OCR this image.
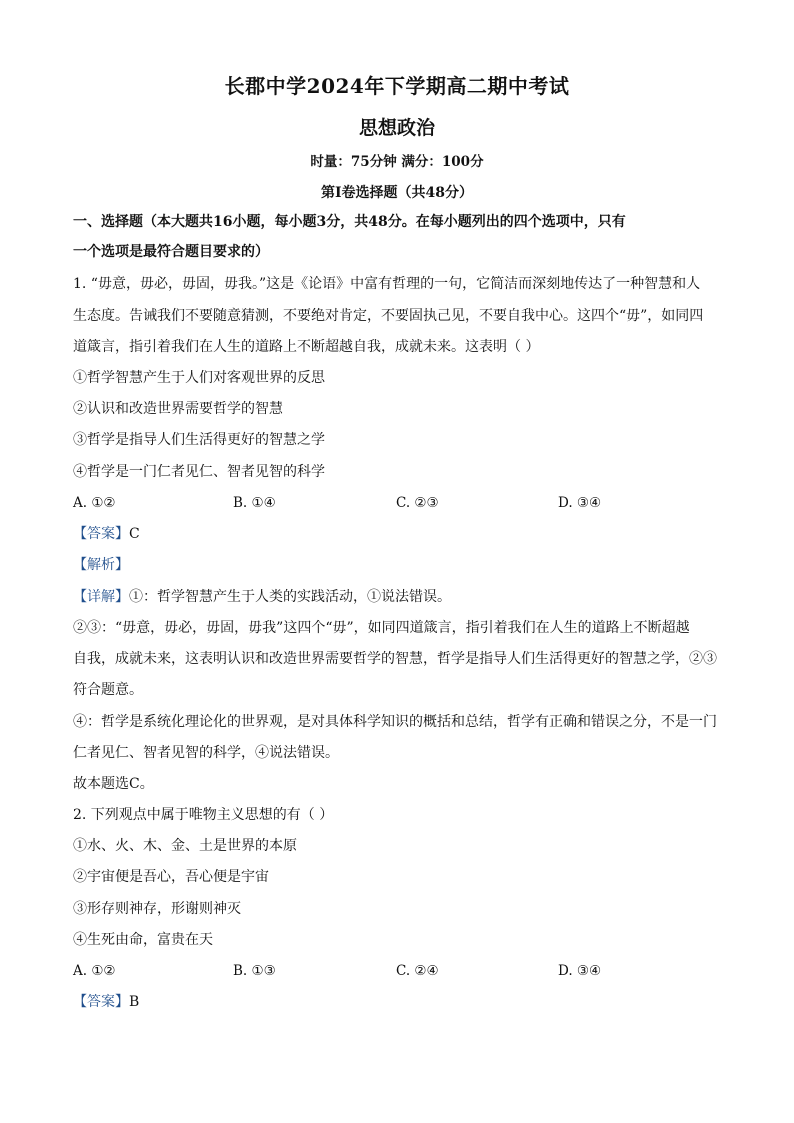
长郡中学2024年下学期高二期中考试
思想政治
时量：75分钟 满分：100分
第Ⅰ卷选择题（共48分）
一、选择题（本大题共16小题，每小题3分，共48分。在每小题列出的四个选项中，只有
一个选项是最符合题目要求的）
1. “毋意，毋必，毋固，毋我。”这是《论语》中富有哲理的一句，它简洁而深刻地传达了一种智慧和人
生态度。告诫我们不要随意猜测，不要绝对肯定，不要固执己见，不要自我中心。这四个“毋”，如同四
道箴言，指引着我们在人生的道路上不断超越自我，成就未来。这表明（ ）
①哲学智慧产生于人们对客观世界的反思
②认识和改造世界需要哲学的智慧
③哲学是指导人们生活得更好的智慧之学
④哲学是一门仁者见仁、智者见智的科学
A. ①②	B. ①④	C. ②③	D. ③④
【答案】C
【解析】
【详解】①：哲学智慧产生于人类的实践活动，①说法错误。
②③：“毋意，毋必，毋固，毋我”这四个“毋”，如同四道箴言，指引着我们在人生的道路上不断超越
自我，成就未来，这表明认识和改造世界需要哲学的智慧，哲学是指导人们生活得更好的智慧之学，②③
符合题意。
④：哲学是系统化理论化的世界观，是对具体科学知识的概括和总结，哲学有正确和错误之分，不是一门
仁者见仁、智者见智的科学，④说法错误。
故本题选C。
2. 下列观点中属于唯物主义思想的有（ ）
①水、火、木、金、土是世界的本原
②宇宙便是吾心，吾心便是宇宙
③形存则神存，形谢则神灭
④生死由命，富贵在天
A. ①②	B. ①③	C. ②④	D. ③④
【答案】B
